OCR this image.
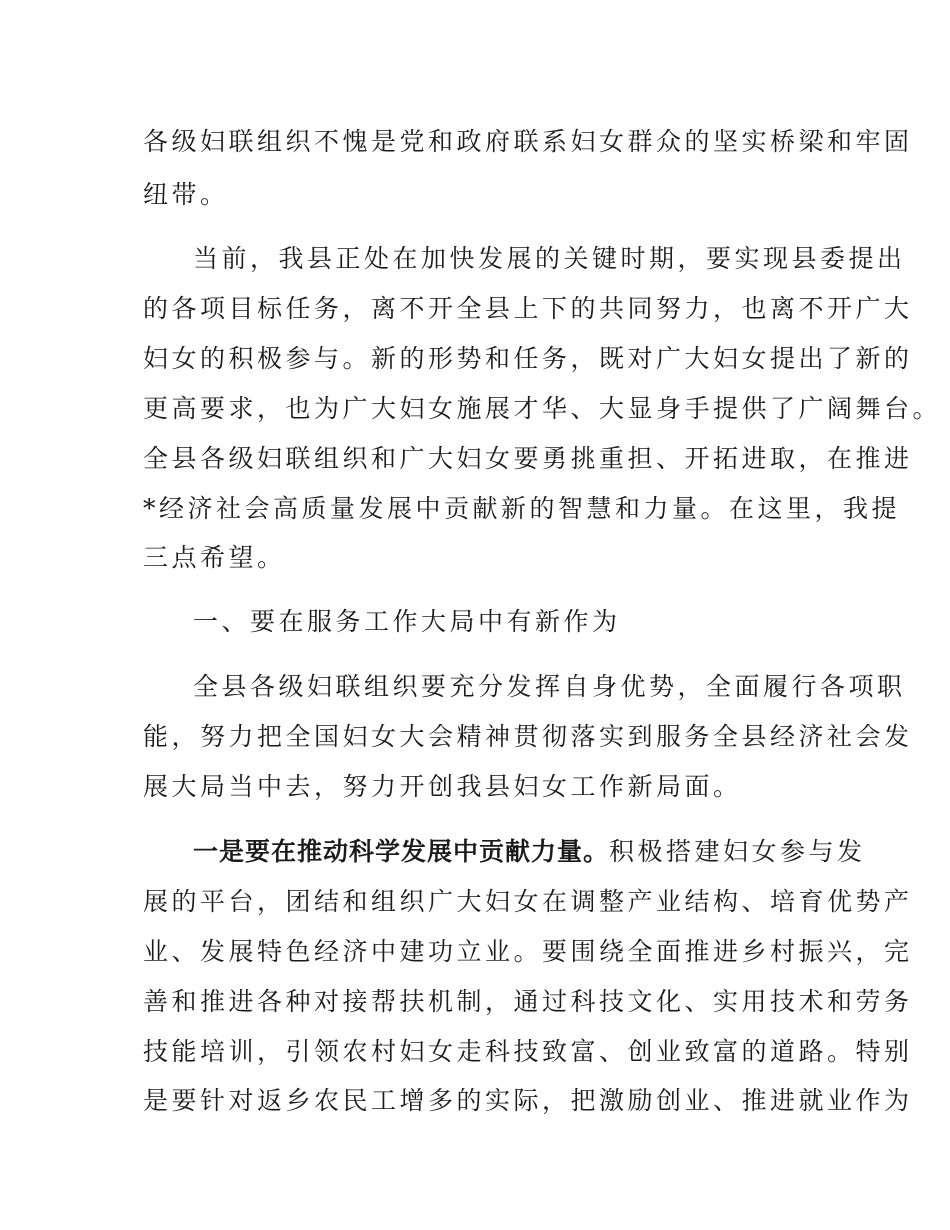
各级妇联组织不愧是党和政府联系妇女群众的坚实桥梁和牢固
纽带。
当前，我县正处在加快发展的关键时期，要实现县委提出
的各项目标任务，离不开全县上下的共同努力，也离不开广大
妇女的积极参与。新的形势和任务，既对广大妇女提出了新的
更高要求，也为广大妇女施展才华、大显身手提供了广阔舞台。
全县各级妇联组织和广大妇女要勇挑重担、开拓进取，在推进
*经济社会高质量发展中贡献新的智慧和力量。在这里，我提
三点希望。
一、要在服务工作大局中有新作为
全县各级妇联组织要充分发挥自身优势，全面履行各项职
能，努力把全国妇女大会精神贯彻落实到服务全县经济社会发
展大局当中去，努力开创我县妇女工作新局面。
一是要在推动科学发展中贡献力量。积极搭建妇女参与发
展的平台，团结和组织广大妇女在调整产业结构、培育优势产
业、发展特色经济中建功立业。要围绕全面推进乡村振兴，完
善和推进各种对接帮扶机制，通过科技文化、实用技术和劳务
技能培训，引领农村妇女走科技致富、创业致富的道路。特别
是要针对返乡农民工增多的实际，把激励创业、推进就业作为
